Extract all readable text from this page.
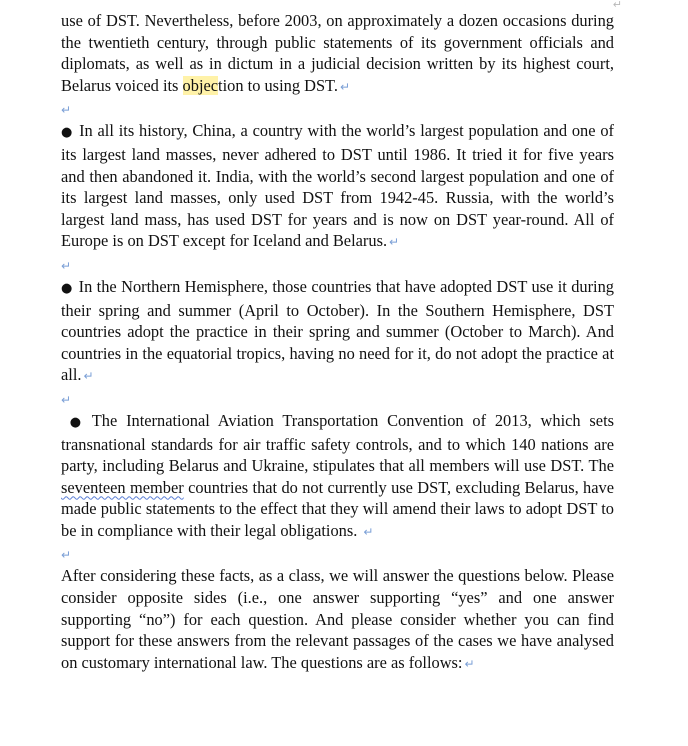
↵

use of DST. Nevertheless, before 2003, on approximately a dozen occasions during the twentieth century, through public statements of its government officials and diplomats, as well as in dictum in a judicial decision written by its highest court, Belarus voiced its objection to using DST. ↵

↵

● In all its history, China, a country with the world’s largest population and one of its largest land masses, never adhered to DST until 1986. It tried it for five years and then abandoned it. India, with the world’s second largest population and one of its largest land masses, only used DST from 1942-45. Russia, with the world’s largest land mass, has used DST for years and is now on DST year-round. All of Europe is on DST except for Iceland and Belarus. ↵

↵

● In the Northern Hemisphere, those countries that have adopted DST use it during their spring and summer (April to October). In the Southern Hemisphere, DST countries adopt the practice in their spring and summer (October to March). And countries in the equatorial tropics, having no need for it, do not adopt the practice at all. ↵

↵

● The International Aviation Transportation Convention of 2013, which sets transnational standards for air traffic safety controls, and to which 140 nations are party, including Belarus and Ukraine, stipulates that all members will use DST. The seventeen member countries that do not currently use DST, excluding Belarus, have made public statements to the effect that they will amend their laws to adopt DST to be in compliance with their legal obligations. ↵

↵

After considering these facts, as a class, we will answer the questions below. Please consider opposite sides (i.e., one answer supporting “yes” and one answer supporting “no”) for each question. And please consider whether you can find support for these answers from the relevant passages of the cases we have analysed on customary international law. The questions are as follows: ↵
